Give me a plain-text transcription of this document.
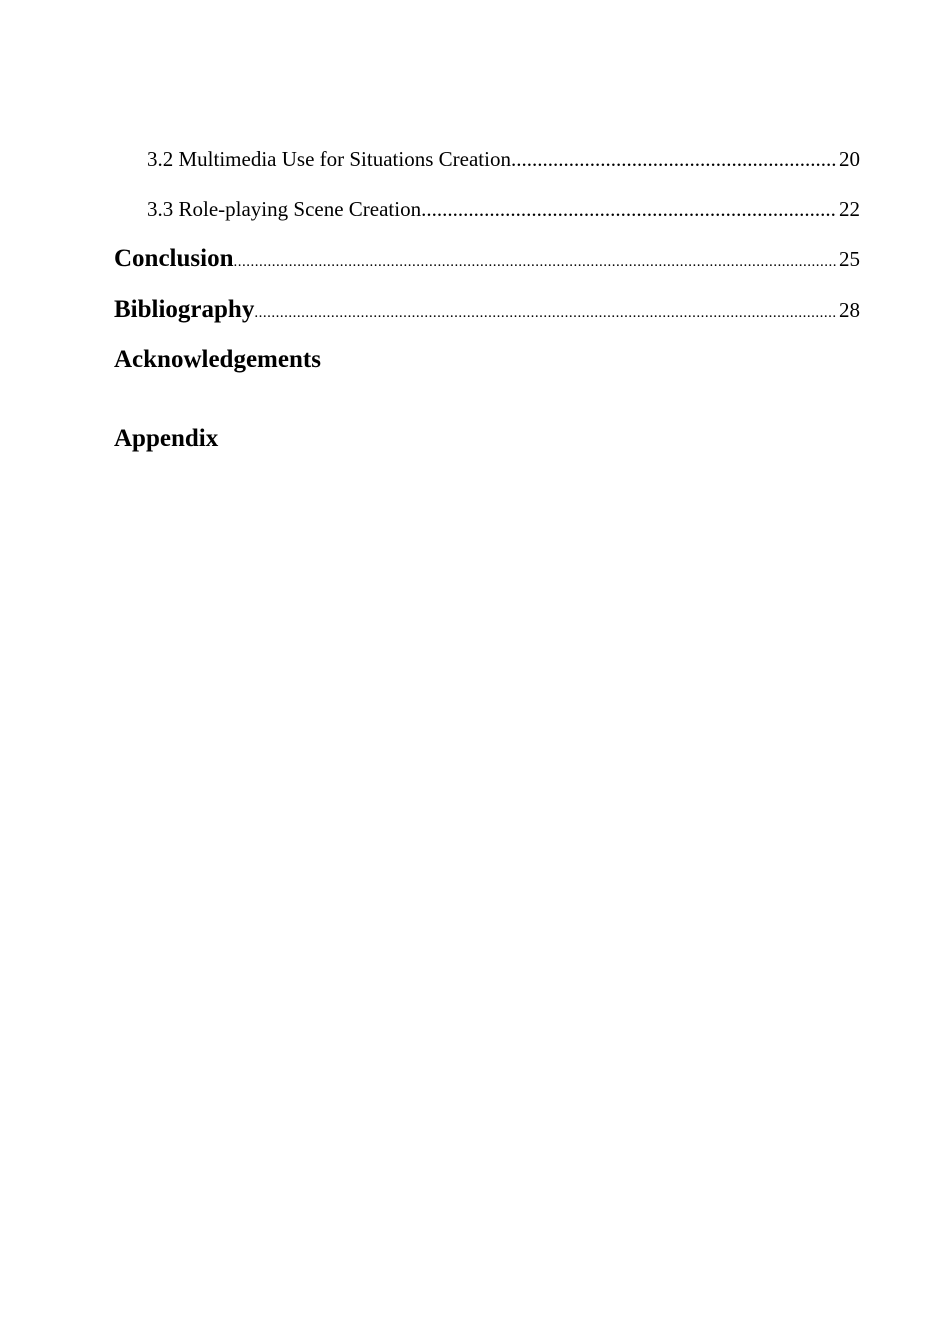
3.2 Multimedia Use for Situations Creation .....	20
3.3 Role-playing Scene Creation .....	22
Conclusion .....	25
Bibliography .....	28
Acknowledgements
Appendix
